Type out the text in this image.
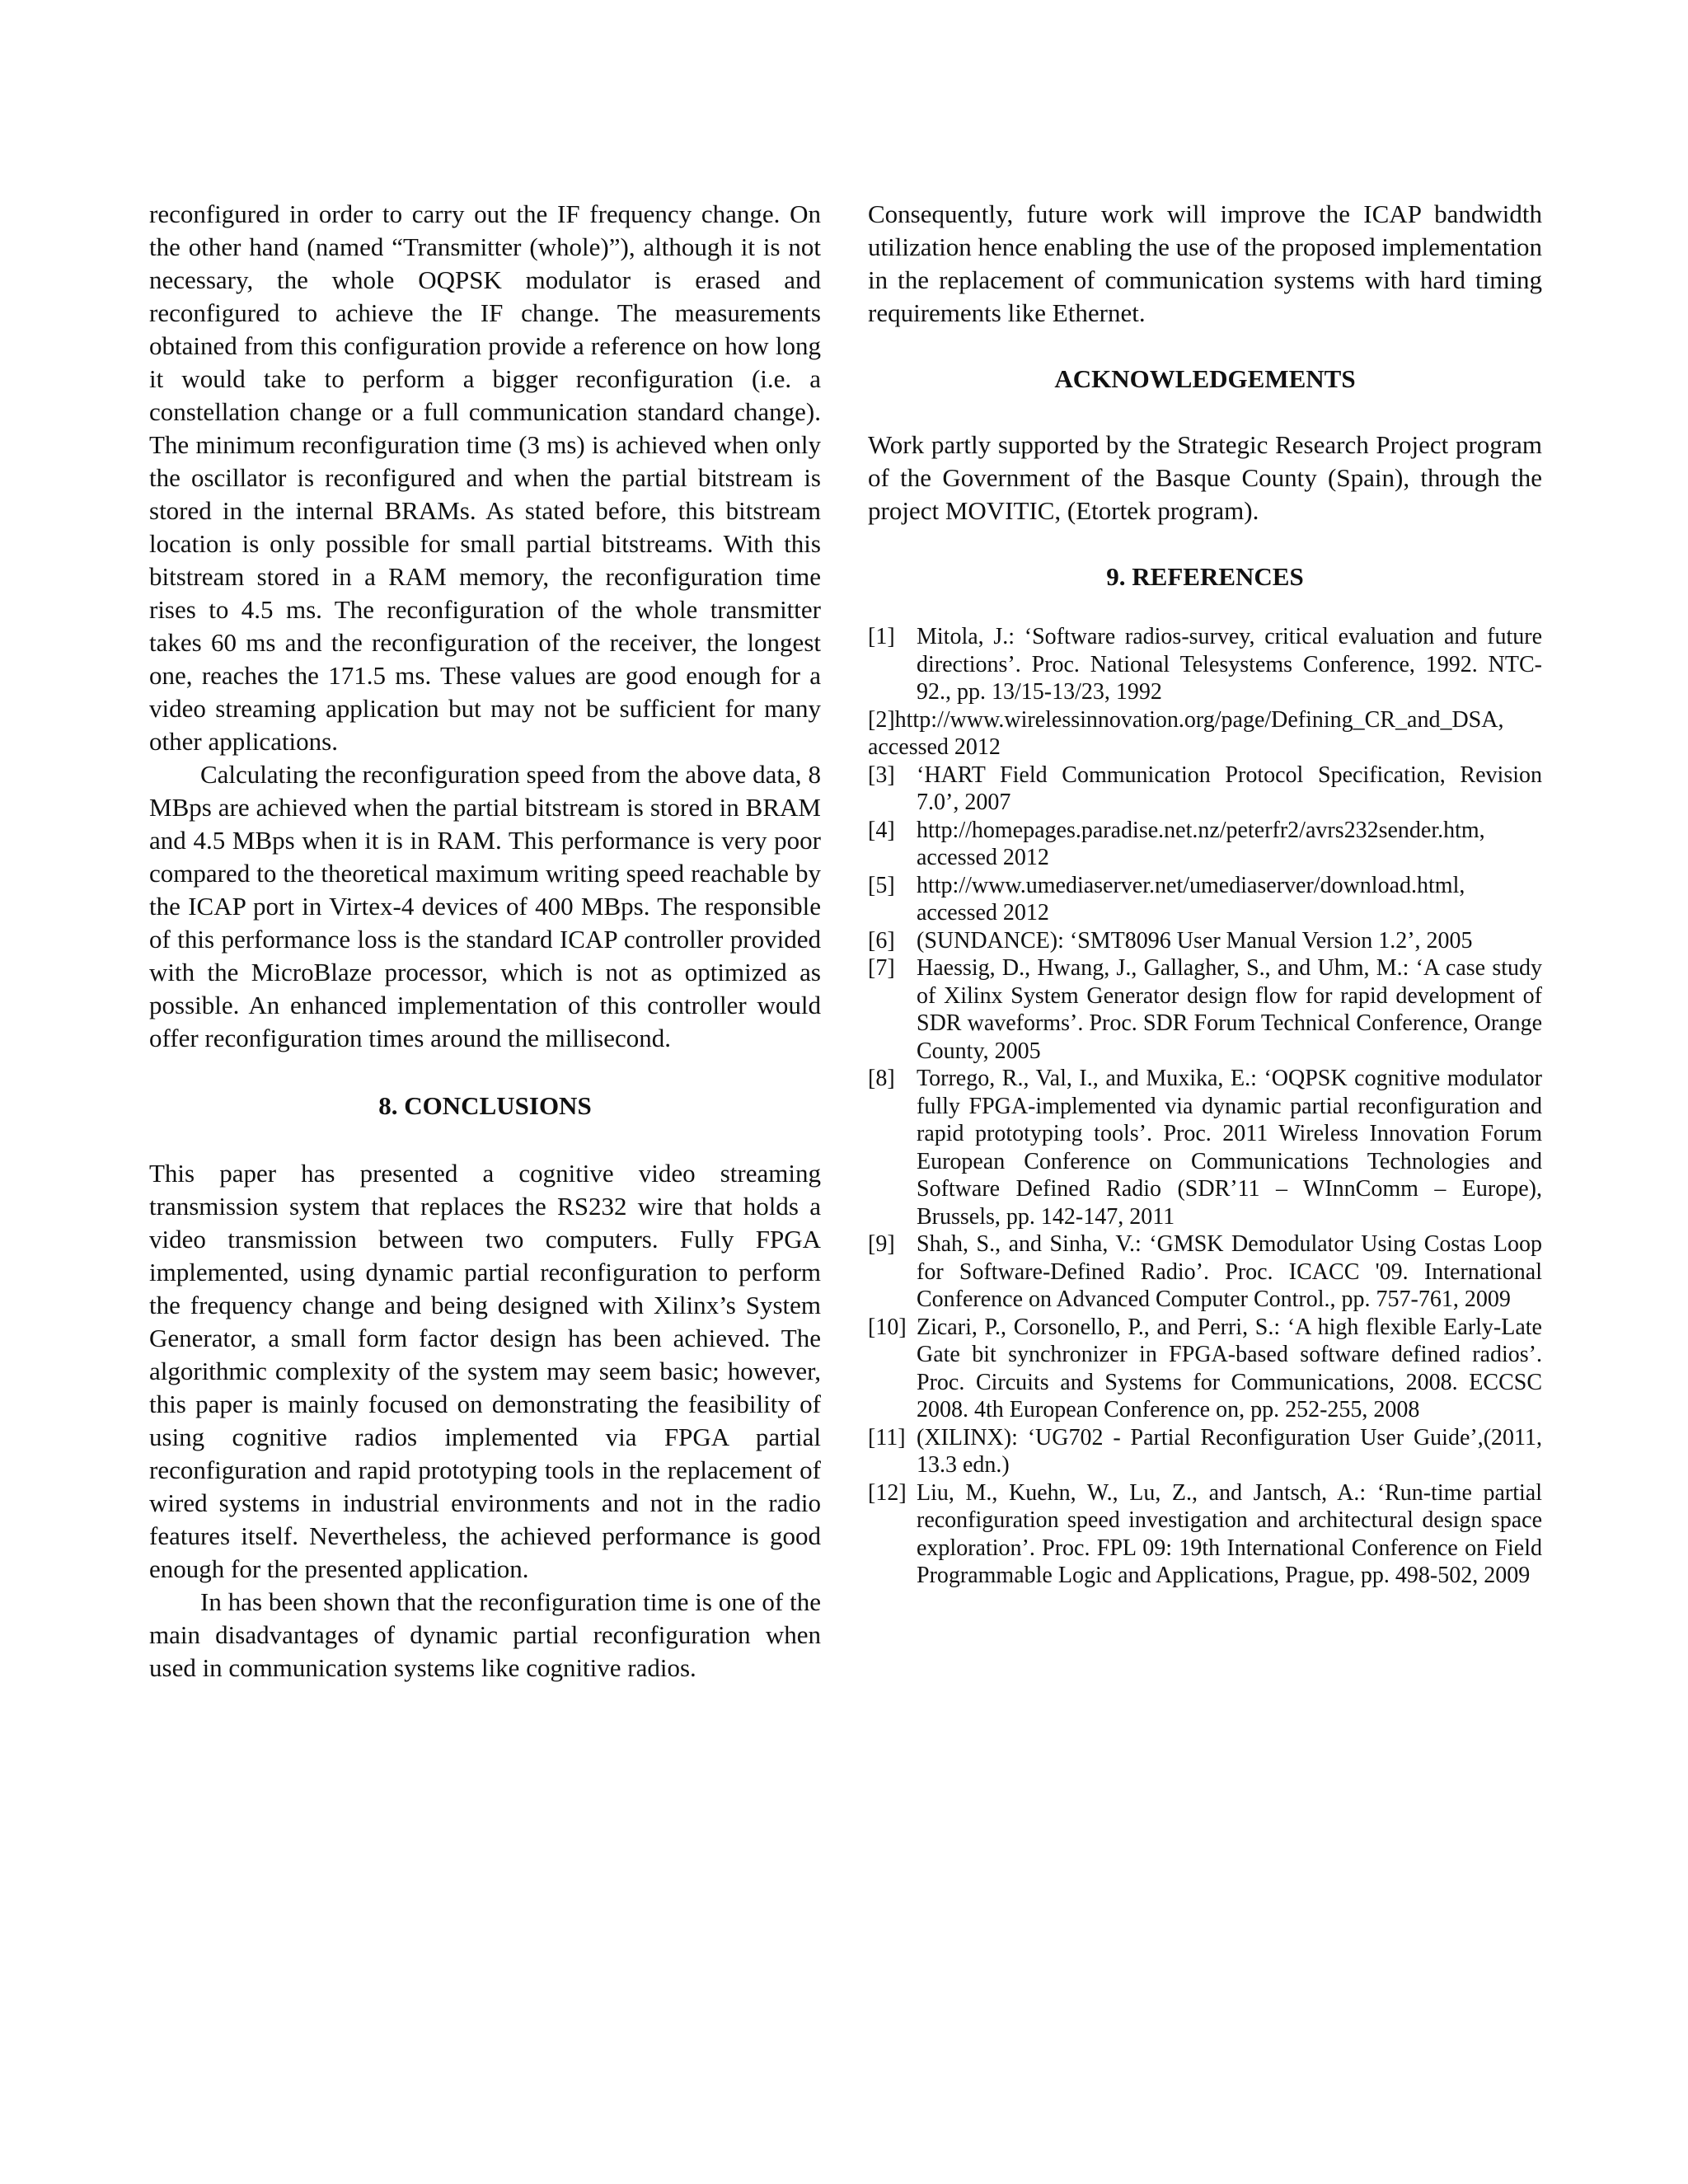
reconfigured in order to carry out the IF frequency change. On the other hand (named “Transmitter (whole)”), although it is not necessary, the whole OQPSK modulator is erased and reconfigured to achieve the IF change. The measurements obtained from this configuration provide a reference on how long it would take to perform a bigger reconfiguration (i.e. a constellation change or a full communication standard change). The minimum reconfiguration time (3 ms) is achieved when only the oscillator is reconfigured and when the partial bitstream is stored in the internal BRAMs. As stated before, this bitstream location is only possible for small partial bitstreams. With this bitstream stored in a RAM memory, the reconfiguration time rises to 4.5 ms. The reconfiguration of the whole transmitter takes 60 ms and the reconfiguration of the receiver, the longest one, reaches the 171.5 ms. These values are good enough for a video streaming application but may not be sufficient for many other applications.

Calculating the reconfiguration speed from the above data, 8 MBps are achieved when the partial bitstream is stored in BRAM and 4.5 MBps when it is in RAM. This performance is very poor compared to the theoretical maximum writing speed reachable by the ICAP port in Virtex-4 devices of 400 MBps. The responsible of this performance loss is the standard ICAP controller provided with the MicroBlaze processor, which is not as optimized as possible. An enhanced implementation of this controller would offer reconfiguration times around the millisecond.

8. CONCLUSIONS

This paper has presented a cognitive video streaming transmission system that replaces the RS232 wire that holds a video transmission between two computers. Fully FPGA implemented, using dynamic partial reconfiguration to perform the frequency change and being designed with Xilinx’s System Generator, a small form factor design has been achieved. The algorithmic complexity of the system may seem basic; however, this paper is mainly focused on demonstrating the feasibility of using cognitive radios implemented via FPGA partial reconfiguration and rapid prototyping tools in the replacement of wired systems in industrial environments and not in the radio features itself. Nevertheless, the achieved performance is good enough for the presented application.

In has been shown that the reconfiguration time is one of the main disadvantages of dynamic partial reconfiguration when used in communication systems like cognitive radios.

Consequently, future work will improve the ICAP bandwidth utilization hence enabling the use of the proposed implementation in the replacement of communication systems with hard timing requirements like Ethernet.

ACKNOWLEDGEMENTS

Work partly supported by the Strategic Research Project program of the Government of the Basque County (Spain), through the project MOVITIC, (Etortek program).

9. REFERENCES
[1] Mitola, J.: ‘Software radios-survey, critical evaluation and future directions’. Proc. National Telesystems Conference, 1992. NTC-92., pp. 13/15-13/23, 1992
[2]http://www.wirelessinnovation.org/page/Defining_CR_and_DSA, accessed 2012
[3] ‘HART Field Communication Protocol Specification, Revision 7.0’, 2007
[4] http://homepages.paradise.net.nz/peterfr2/avrs232sender.htm, accessed 2012
[5] http://www.umediaserver.net/umediaserver/download.html, accessed 2012
[6] (SUNDANCE): ‘SMT8096 User Manual Version 1.2’, 2005
[7] Haessig, D., Hwang, J., Gallagher, S., and Uhm, M.: ‘A case study of Xilinx System Generator design flow for rapid development of SDR waveforms’. Proc. SDR Forum Technical Conference, Orange County, 2005
[8] Torrego, R., Val, I., and Muxika, E.: ‘OQPSK cognitive modulator fully FPGA-implemented via dynamic partial reconfiguration and rapid prototyping tools’. Proc. 2011 Wireless Innovation Forum European Conference on Communications Technologies and Software Defined Radio (SDR’11 – WInnComm – Europe), Brussels, pp. 142-147, 2011
[9] Shah, S., and Sinha, V.: ‘GMSK Demodulator Using Costas Loop for Software-Defined Radio’. Proc. ICACC '09. International Conference on Advanced Computer Control., pp. 757-761, 2009
[10] Zicari, P., Corsonello, P., and Perri, S.: ‘A high flexible Early-Late Gate bit synchronizer in FPGA-based software defined radios’. Proc. Circuits and Systems for Communications, 2008. ECCSC 2008. 4th European Conference on, pp. 252-255, 2008
[11] (XILINX): ‘UG702 - Partial Reconfiguration User Guide’,(2011, 13.3 edn.)
[12] Liu, M., Kuehn, W., Lu, Z., and Jantsch, A.: ‘Run-time partial reconfiguration speed investigation and architectural design space exploration’. Proc. FPL 09: 19th International Conference on Field Programmable Logic and Applications, Prague, pp. 498-502, 2009
